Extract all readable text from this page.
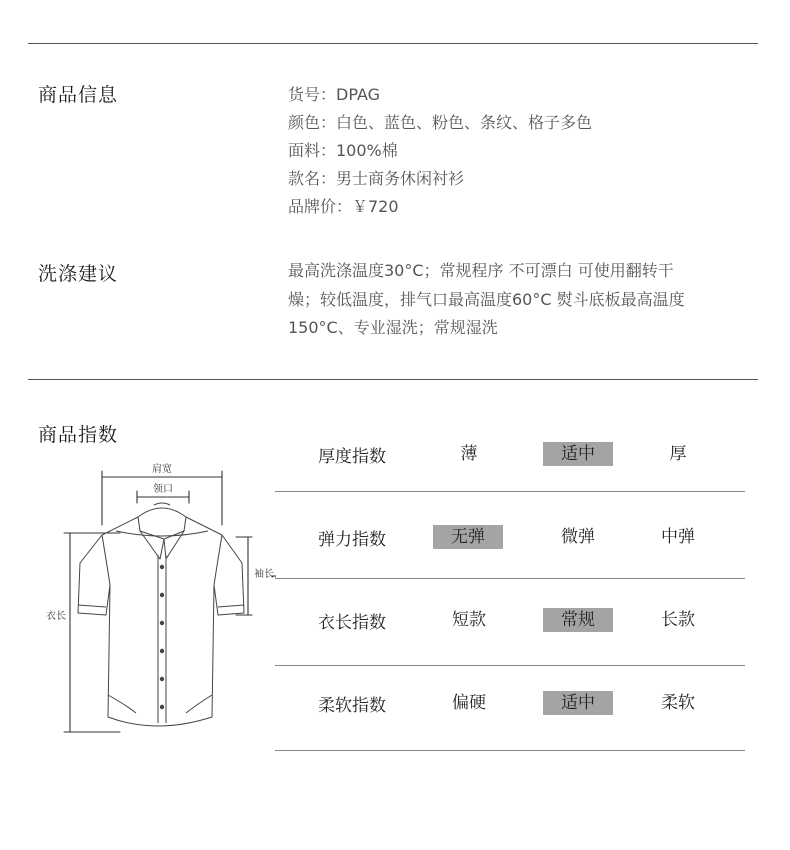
商品信息	货号：DPAG
颜色：白色、蓝色、粉色、条纹、格子多色
面料：100%棉
款名：男士商务休闲衬衫
品牌价：￥720
洗涤建议	最高洗涤温度30°C；常规程序 不可漂白 可使用翻转干
燥；较低温度，排气口最高温度60°C 熨斗底板最高温度
150°C、专业湿洗；常规湿洗
商品指数
肩宽
领口
袖长
衣长
厚度指数	薄	适中	厚
弹力指数	无弹	微弹	中弹
衣长指数	短款	常规	长款
柔软指数	偏硬	适中	柔软
